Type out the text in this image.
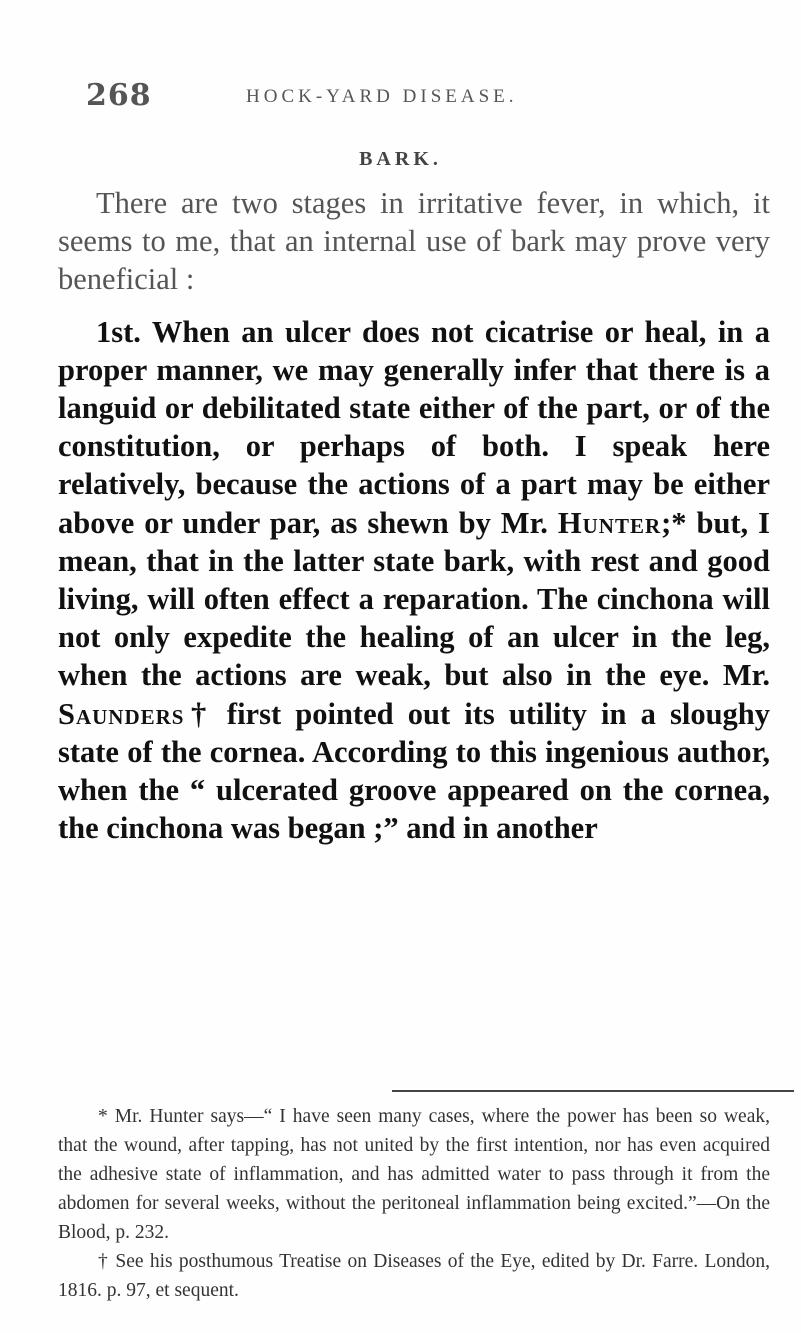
268	HOCK-YARD DISEASE.
BARK.

There are two stages in irritative fever, in which, it seems to me, that an internal use of bark may prove very beneficial :

1st. When an ulcer does not cicatrise or heal, in a proper manner, we may generally infer that there is a languid or debilitated state either of the part, or of the constitution, or perhaps of both. I speak here relatively, because the actions of a part may be either above or under par, as shewn by Mr. Hunter;* but, I mean, that in the latter state bark, with rest and good living, will often effect a reparation. The cinchona will not only expedite the healing of an ulcer in the leg, when the actions are weak, but also in the eye. Mr. Saunders† first pointed out its utility in a sloughy state of the cornea. According to this ingenious author, when the “ ulcerated groove appeared on the cornea, the cinchona was began ;” and in another

* Mr. Hunter says—“ I have seen many cases, where the power has been so weak, that the wound, after tapping, has not united by the first intention, nor has even acquired the adhesive state of inflammation, and has admitted water to pass through it from the abdomen for several weeks, without the peritoneal inflammation being excited.”—On the Blood, p. 232.

† See his posthumous Treatise on Diseases of the Eye, edited by Dr. Farre. London, 1816. p. 97, et sequent.
